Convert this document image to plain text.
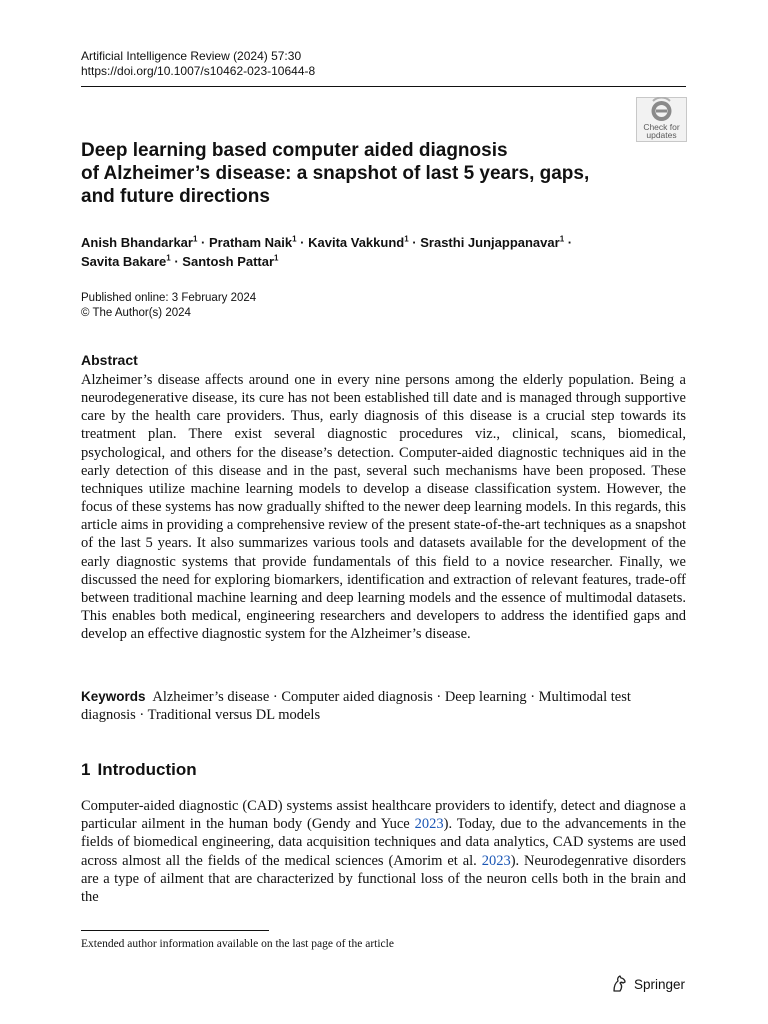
Artificial Intelligence Review (2024) 57:30
https://doi.org/10.1007/s10462-023-10644-8
Check for
updates
Deep learning based computer aided diagnosis
of Alzheimer’s disease: a snapshot of last 5 years, gaps,
and future directions
Anish Bhandarkar$^1$ · Pratham Naik$^1$ · Kavita Vakkund$^1$ · Srasthi Junjappanavar$^1$ ·
Savita Bakare$^1$ · Santosh Pattar$^1$
Published online: 3 February 2024
© The Author(s) 2024
Abstract

Alzheimer’s disease affects around one in every nine persons among the elderly population. Being a neurodegenerative disease, its cure has not been established till date and is managed through supportive care by the health care providers. Thus, early diagnosis of this disease is a crucial step towards its treatment plan. There exist several diagnostic procedures viz., clinical, scans, biomedical, psychological, and others for the disease’s detection. Computer-aided diagnostic techniques aid in the early detection of this disease and in the past, several such mechanisms have been proposed. These techniques utilize machine learning models to develop a disease classification system. However, the focus of these systems has now gradually shifted to the newer deep learning models. In this regards, this article aims in providing a comprehensive review of the present state-of-the-art techniques as a snapshot of the last 5 years. It also summarizes various tools and datasets available for the development of the early diagnostic systems that provide fundamentals of this field to a novice researcher. Finally, we discussed the need for exploring biomarkers, identification and extraction of relevant features, trade-off between traditional machine learning and deep learning models and the essence of multimodal datasets. This enables both medical, engineering researchers and developers to address the identified gaps and develop an effective diagnostic system for the Alzheimer’s disease.

Keywords Alzheimer’s disease · Computer aided diagnosis · Deep learning · Multimodal test diagnosis · Traditional versus DL models
1 Introduction

Computer-aided diagnostic (CAD) systems assist healthcare providers to identify, detect and diagnose a particular ailment in the human body (Gendy and Yuce 2023). Today, due to the advancements in the fields of biomedical engineering, data acquisition techniques and data analytics, CAD systems are used across almost all the fields of the medical sciences (Amorim et al. 2023). Neurodegenrative disorders are a type of ailment that are characterized by functional loss of the neuron cells both in the brain and the

Extended author information available on the last page of the article
Springer
